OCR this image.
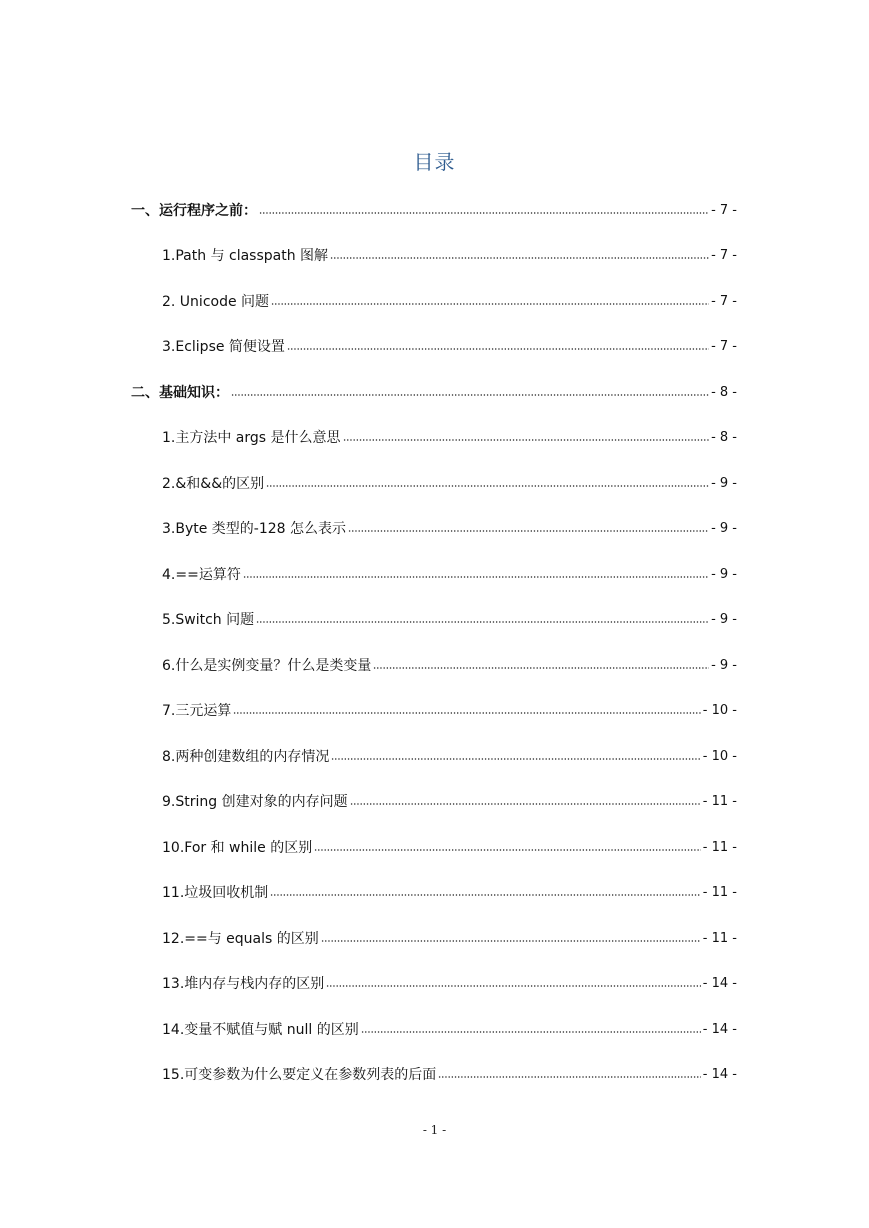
目录
一、运行程序之前：	- 7 -
1.Path 与 classpath 图解	- 7 -
2. Unicode 问题	- 7 -
3.Eclipse 简便设置	- 7 -
二、基础知识：	- 8 -
1.主方法中 args 是什么意思	- 8 -
2.&和&&的区别	- 9 -
3.Byte 类型的-128 怎么表示	- 9 -
4.==运算符	- 9 -
5.Switch 问题	- 9 -
6.什么是实例变量？什么是类变量	- 9 -
7.三元运算	- 10 -
8.两种创建数组的内存情况	- 10 -
9.String 创建对象的内存问题	- 11 -
10.For 和 while 的区别	- 11 -
11.垃圾回收机制	- 11 -
12.==与 equals 的区别	- 11 -
13.堆内存与栈内存的区别	- 14 -
14.变量不赋值与赋 null 的区别	- 14 -
15.可变参数为什么要定义在参数列表的后面	- 14 -
- 1 -
